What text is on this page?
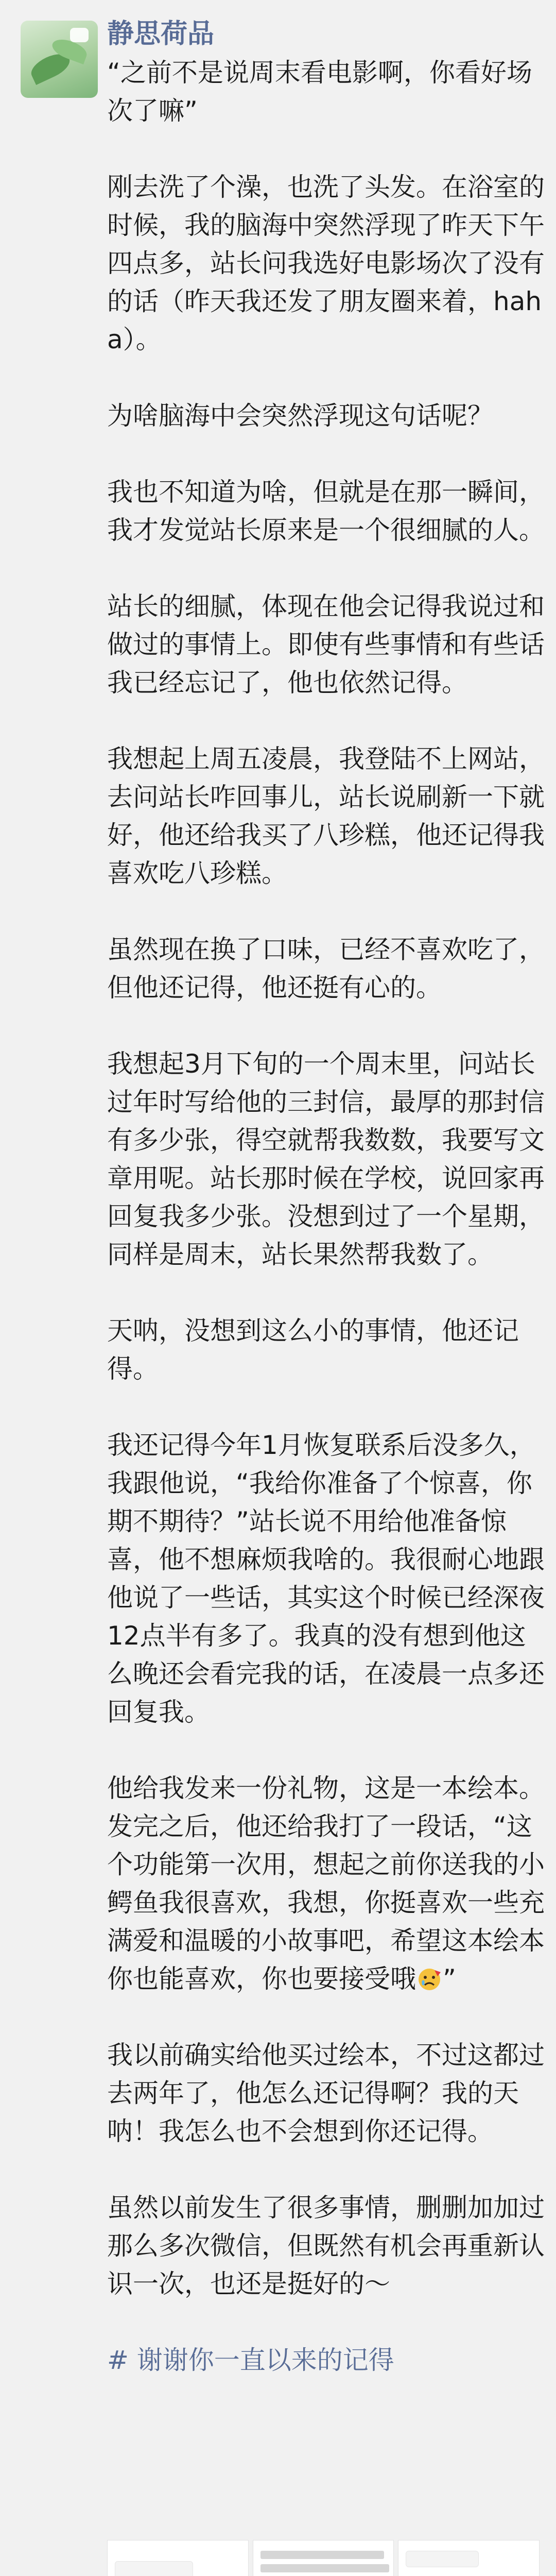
静思荷品

“之前不是说周末看电影啊，你看好场次了嘛”

刚去洗了个澡，也洗了头发。在浴室的时候，我的脑海中突然浮现了昨天下午四点多，站长问我选好电影场次了没有的话（昨天我还发了朋友圈来着，haha）。

为啥脑海中会突然浮现这句话呢？

我也不知道为啥，但就是在那一瞬间，我才发觉站长原来是一个很细腻的人。

站长的细腻，体现在他会记得我说过和做过的事情上。即使有些事情和有些话我已经忘记了，他也依然记得。

我想起上周五凌晨，我登陆不上网站，去问站长咋回事儿，站长说刷新一下就好，他还给我买了八珍糕，他还记得我喜欢吃八珍糕。

虽然现在换了口味，已经不喜欢吃了，但他还记得，他还挺有心的。

我想起3月下旬的一个周末里，问站长过年时写给他的三封信，最厚的那封信有多少张，得空就帮我数数，我要写文章用呢。站长那时候在学校，说回家再回复我多少张。没想到过了一个星期，同样是周末，站长果然帮我数了。

天呐，没想到这么小的事情，他还记得。

我还记得今年1月恢复联系后没多久，我跟他说，“我给你准备了个惊喜，你期不期待？”站长说不用给他准备惊喜，他不想麻烦我啥的。我很耐心地跟他说了一些话，其实这个时候已经深夜12点半有多了。我真的没有想到他这么晚还会看完我的话，在凌晨一点多还回复我。

他给我发来一份礼物，这是一本绘本。发完之后，他还给我打了一段话，“这个功能第一次用，想起之前你送我的小鳄鱼我很喜欢，我想，你挺喜欢一些充满爱和温暖的小故事吧，希望这本绘本你也能喜欢，你也要接受哦 ”

我以前确实给他买过绘本，不过这都过去两年了，他怎么还记得啊？我的天呐！我怎么也不会想到你还记得。

虽然以前发生了很多事情，删删加加过那么多次微信，但既然有机会再重新认识一次，也还是挺好的～

# 谢谢你一直以来的记得
